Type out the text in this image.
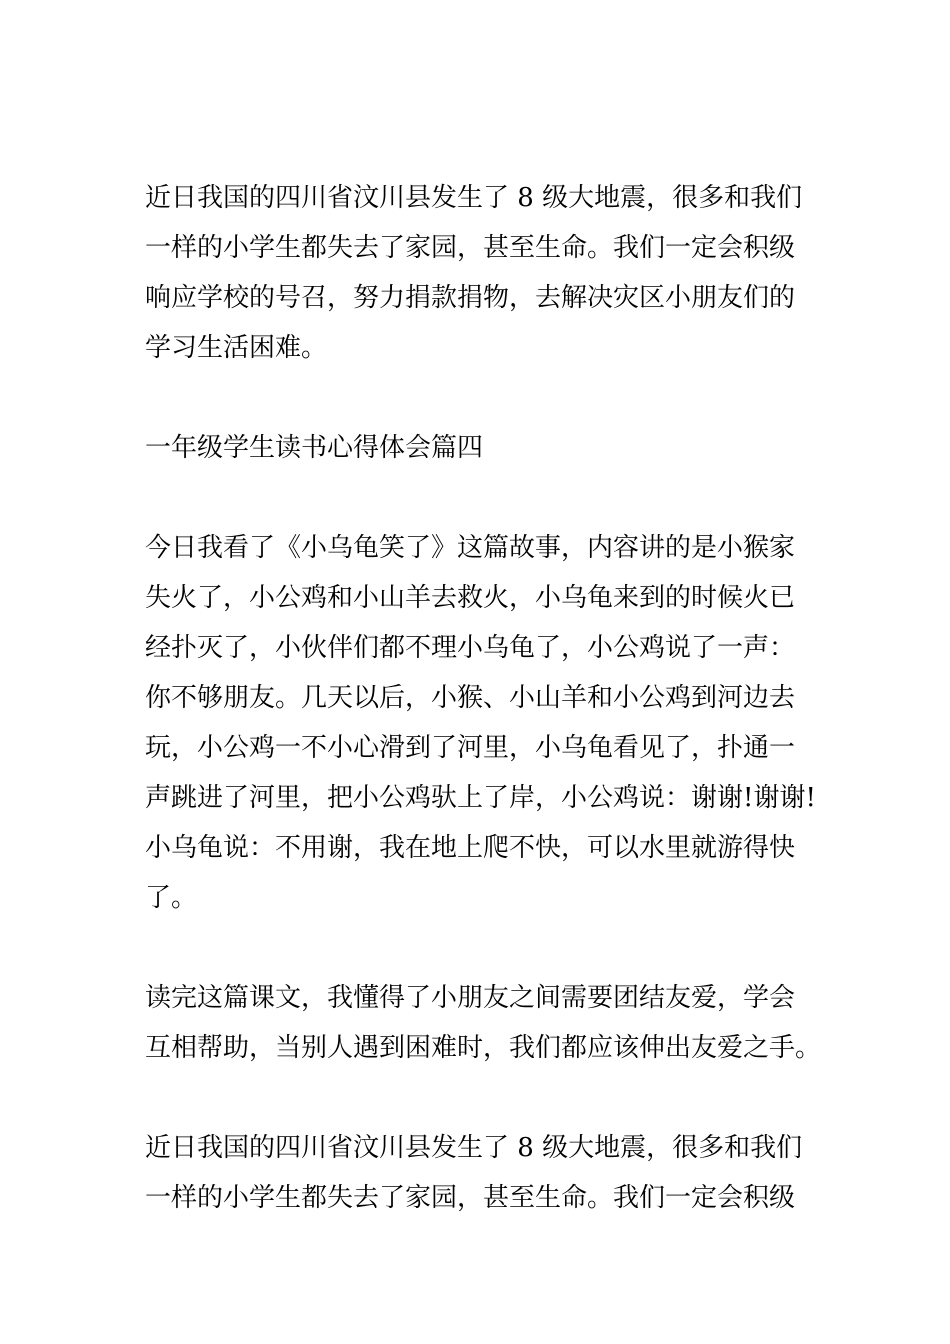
近日我国的四川省汶川县发生了 8 级大地震，很多和我们
一样的小学生都失去了家园，甚至生命。我们一定会积级
响应学校的号召，努力捐款捐物，去解决灾区小朋友们的
学习生活困难。
一年级学生读书心得体会篇四
今日我看了《小乌龟笑了》这篇故事，内容讲的是小猴家
失火了，小公鸡和小山羊去救火，小乌龟来到的时候火已
经扑灭了，小伙伴们都不理小乌龟了，小公鸡说了一声：
你不够朋友。几天以后，小猴、小山羊和小公鸡到河边去
玩，小公鸡一不小心滑到了河里，小乌龟看见了，扑通一
声跳进了河里，把小公鸡驮上了岸，小公鸡说：谢谢!谢谢!
小乌龟说：不用谢，我在地上爬不快，可以水里就游得快
了。
读完这篇课文，我懂得了小朋友之间需要团结友爱，学会
互相帮助，当别人遇到困难时，我们都应该伸出友爱之手。
近日我国的四川省汶川县发生了 8 级大地震，很多和我们
一样的小学生都失去了家园，甚至生命。我们一定会积级
